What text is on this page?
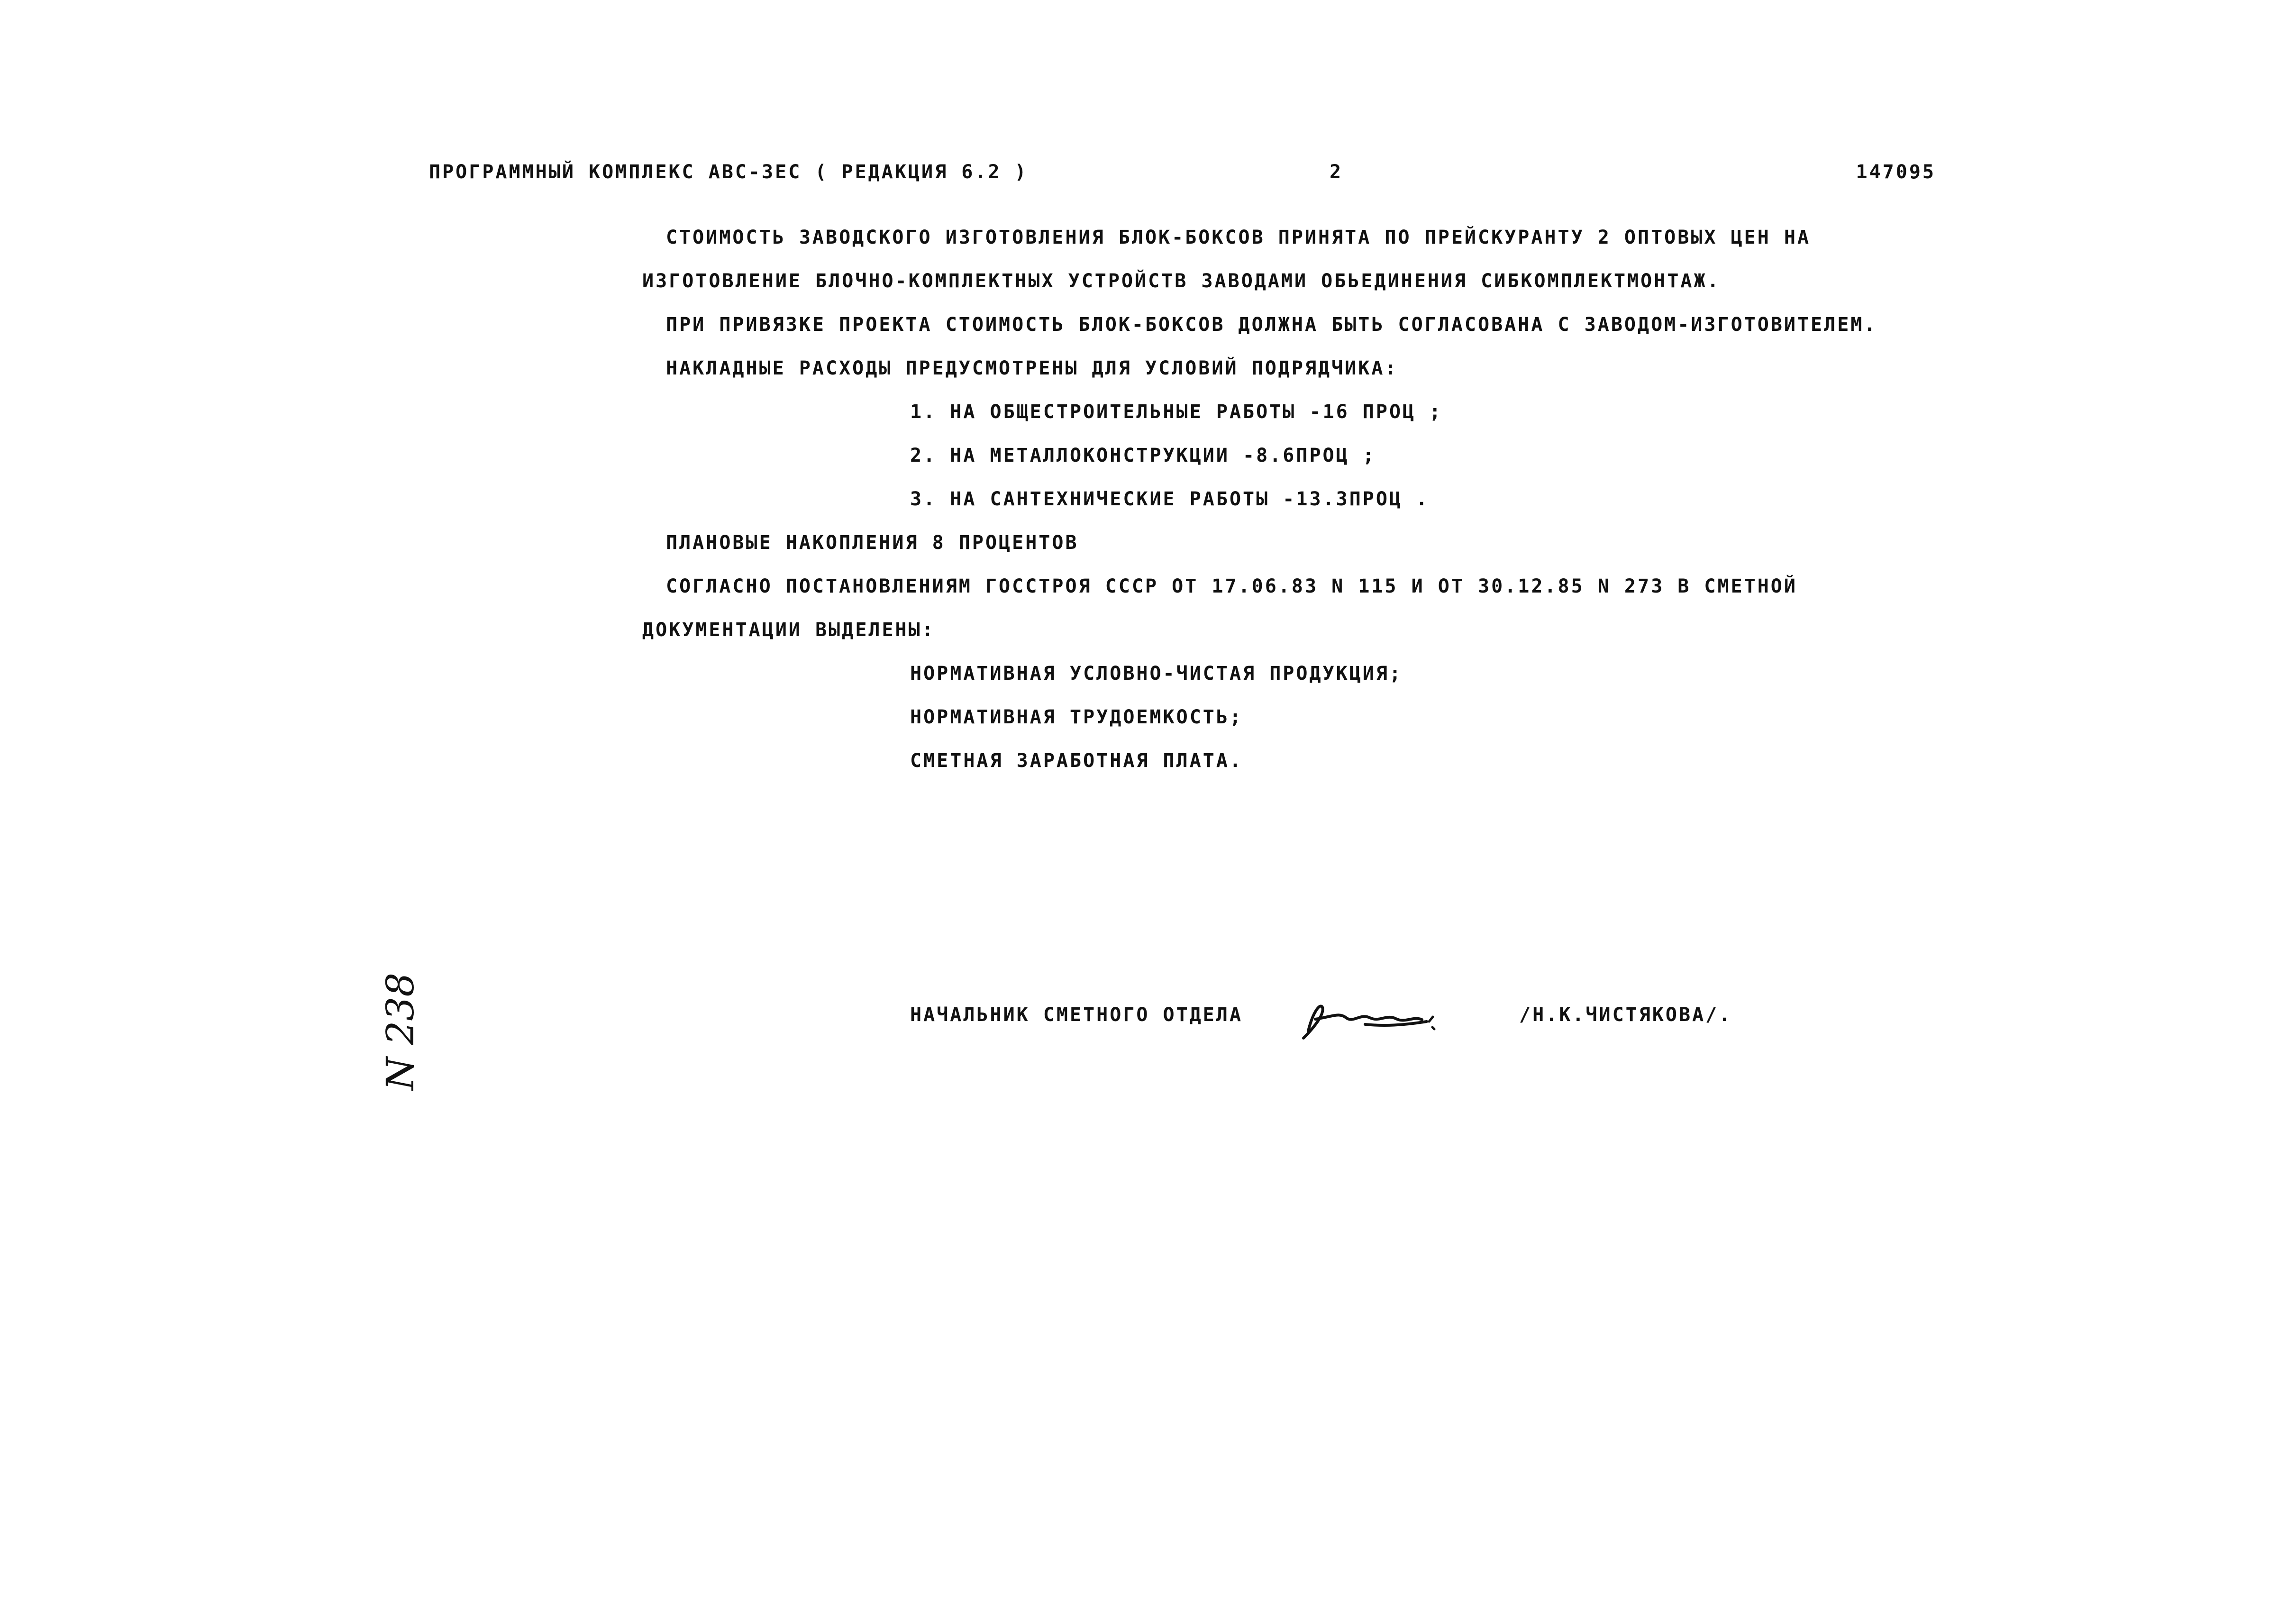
ПРОГРАММНЫЙ КОМПЛЕКС АВС-ЗЕС ( РЕДАКЦИЯ 6.2 )	2	147095
СТОИМОСТЬ ЗАВОДСКОГО ИЗГОТОВЛЕНИЯ БЛОК-БОКСОВ ПРИНЯТА ПО ПРЕЙСКУРАНТУ 2 ОПТОВЫХ ЦЕН НА
ИЗГОТОВЛЕНИЕ БЛОЧНО-КОМПЛЕКТНЫХ УСТРОЙСТВ ЗАВОДАМИ ОБЬЕДИНЕНИЯ СИБКОМПЛЕКТМОНТАЖ.
ПРИ ПРИВЯЗКЕ ПРОЕКТА СТОИМОСТЬ БЛОК-БОКСОВ ДОЛЖНА БЫТЬ СОГЛАСОВАНА С ЗАВОДОМ-ИЗГОТОВИТЕЛЕМ.
НАКЛАДНЫЕ РАСХОДЫ ПРЕДУСМОТРЕНЫ ДЛЯ УСЛОВИЙ ПОДРЯДЧИКА:
1. НА ОБЩЕСТРОИТЕЛЬНЫЕ РАБОТЫ -16 ПРОЦ ;
2. НА МЕТАЛЛОКОНСТРУКЦИИ -8.6ПРОЦ ;
3. НА САНТЕХНИЧЕСКИЕ РАБОТЫ -13.3ПРОЦ .
ПЛАНОВЫЕ НАКОПЛЕНИЯ 8 ПРОЦЕНТОВ
СОГЛАСНО ПОСТАНОВЛЕНИЯМ ГОССТРОЯ СССР ОТ 17.06.83 N 115 И ОТ 30.12.85 N 273 В СМЕТНОЙ
ДОКУМЕНТАЦИИ ВЫДЕЛЕНЫ:
НОРМАТИВНАЯ УСЛОВНО-ЧИСТАЯ ПРОДУКЦИЯ;
НОРМАТИВНАЯ ТРУДОЕМКОСТЬ;
СМЕТНАЯ ЗАРАБОТНАЯ ПЛАТА.
НАЧАЛЬНИК СМЕТНОГО ОТДЕЛА	/Н.К.ЧИСТЯКОВА/.
N 238
